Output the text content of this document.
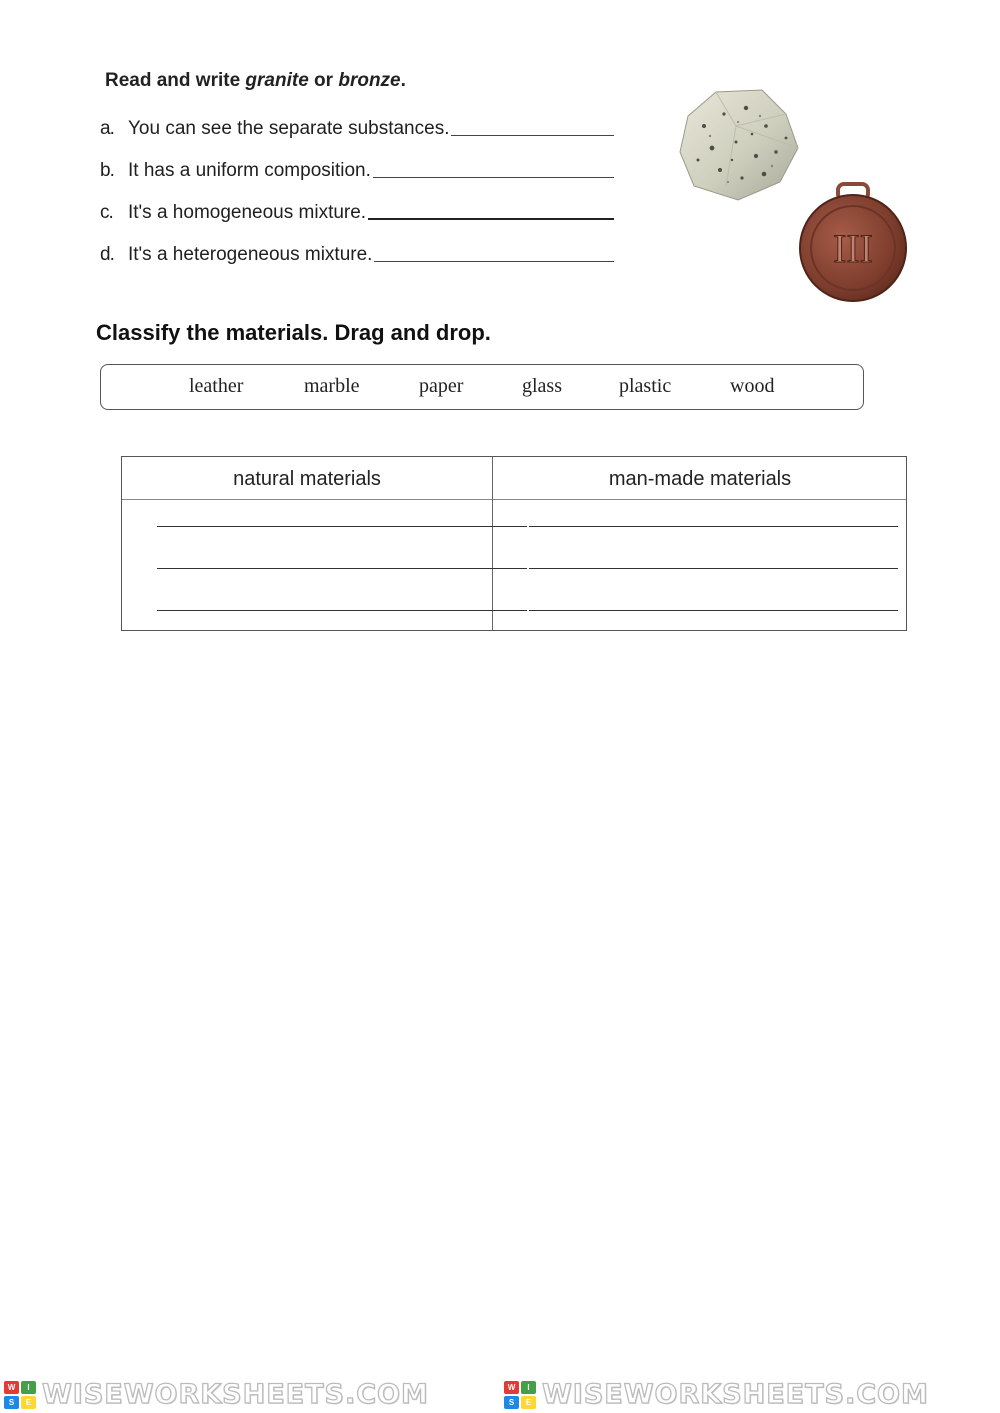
Read and write granite or bronze.
a. You can see the separate substances.
b. It has a uniform composition.
c. It's a homogeneous mixture.
d. It's a heterogeneous mixture.	III
Classify the materials. Drag and drop.
leather	marble	paper	glass	plastic	wood
natural materials	man-made materials
W	I
S	E WISEWORKSHEETS.COM	W	I
S	E WISEWORKSHEETS.COM
